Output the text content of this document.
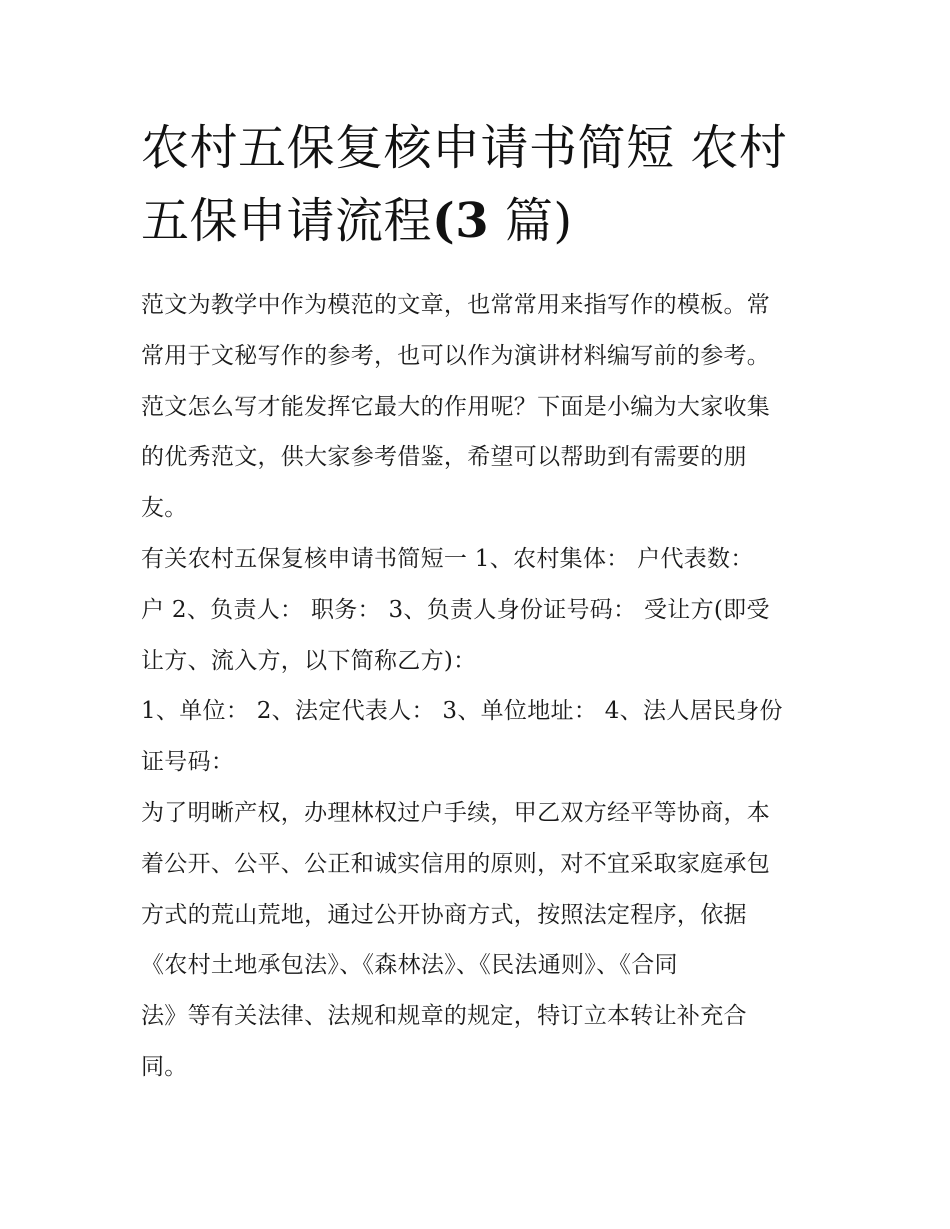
农村五保复核申请书简短 农村
五保申请流程(3 篇)

范文为教学中作为模范的文章，也常常用来指写作的模板。常
常用于文秘写作的参考，也可以作为演讲材料编写前的参考。
范文怎么写才能发挥它最大的作用呢？下面是小编为大家收集
的优秀范文，供大家参考借鉴，希望可以帮助到有需要的朋
友。

有关农村五保复核申请书简短一 1、农村集体： 户代表数：
户 2、负责人： 职务： 3、负责人身份证号码： 受让方(即受
让方、流入方，以下简称乙方)：

1、单位： 2、法定代表人： 3、单位地址： 4、法人居民身份
证号码：

为了明晰产权，办理林权过户手续，甲乙双方经平等协商，本
着公开、公平、公正和诚实信用的原则，对不宜采取家庭承包
方式的荒山荒地，通过公开协商方式，按照法定程序，依据
《农村土地承包法》、《森林法》、《民法通则》、《合同
法》等有关法律、法规和规章的规定，特订立本转让补充合
同。
